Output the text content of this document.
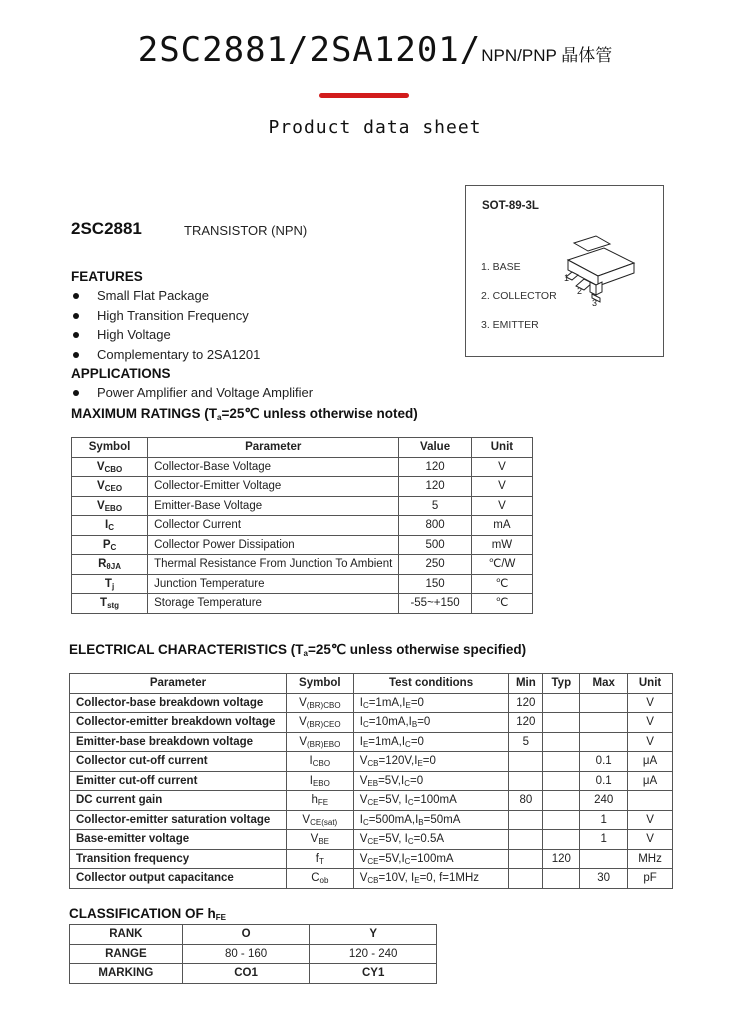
2SC2881/2SA1201/NPN/PNP 晶体管
Product data sheet
2SC2881	TRANSISTOR (NPN)
SOT-89-3L
1. BASE
2. COLLECTOR
3. EMITTER
1
2
3
FEATURES
Small Flat Package
High Transition Frequency
High Voltage
Complementary to 2SA1201
APPLICATIONS
Power Amplifier and Voltage Amplifier
MAXIMUM RATINGS ($T_a=25℃$ unless otherwise noted)
Symbol	Parameter	Value	Unit
$V_{CBO}$	Collector-Base Voltage	120	V
$V_{CEO}$	Collector-Emitter Voltage	120	V
$V_{EBO}$	Emitter-Base Voltage	5	V
$I_C$	Collector Current	800	mA
$P_C$	Collector Power Dissipation	500	mW
$R_{\theta JA}$	Thermal Resistance From Junction To Ambient	250	℃/W
$T_j$	Junction Temperature	150	℃
$T_{stg}$	Storage Temperature	-55~+150	℃
ELECTRICAL CHARACTERISTICS ($T_a=25℃$ unless otherwise specified)
Parameter	Symbol	Test conditions	Min	Typ	Max	Unit
Collector-base breakdown voltage	$V_{(BR)CBO}$	$I_C=1mA,I_E=0$	120			V
Collector-emitter breakdown voltage	$V_{(BR)CEO}$	$I_C=10mA,I_B=0$	120			V
Emitter-base breakdown voltage	$V_{(BR)EBO}$	$I_E=1mA,I_C=0$	5			V
Collector cut-off current	$I_{CBO}$	$V_{CB}=120V,I_E=0$			0.1	μA
Emitter cut-off current	$I_{EBO}$	$V_{EB}=5V,I_C=0$			0.1	μA
DC current gain	$h_{FE}$	$V_{CE}=5V$, $I_C=100mA$	80		240	
Collector-emitter saturation voltage	$V_{CE(sat)}$	$I_C=500mA,I_B=50mA$			1	V
Base-emitter voltage	$V_{BE}$	$V_{CE}=5V$, $I_C=0.5A$			1	V
Transition frequency	$f_T$	$V_{CE}=5V,I_C=100mA$		120		MHz
Collector output capacitance	$C_{ob}$	$V_{CB}=10V$, $I_E=0$, f=1MHz			30	pF
CLASSIFICATION OF $h_{FE}$
RANK	O	Y
RANGE	80 - 160	120 - 240
MARKING	CO1	CY1
